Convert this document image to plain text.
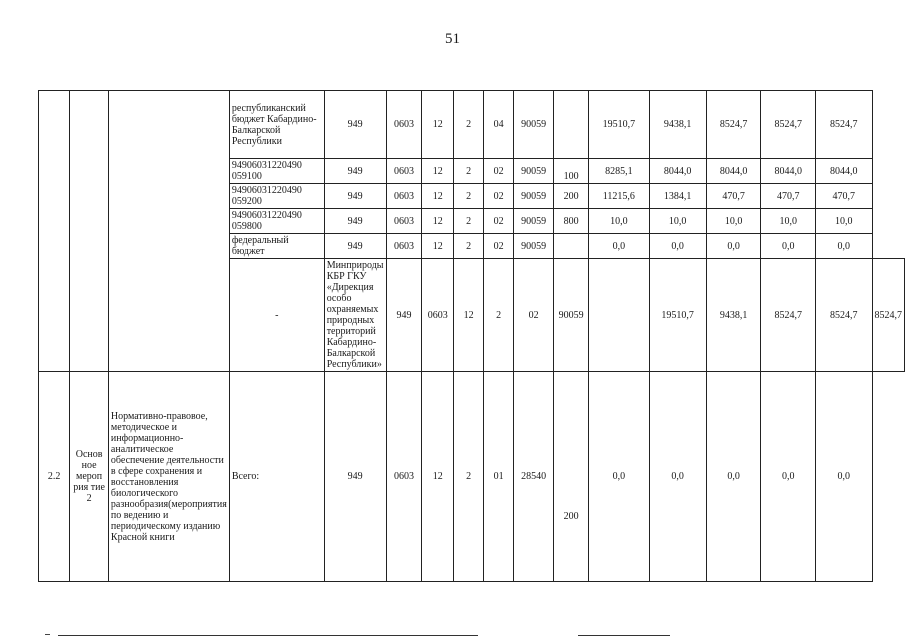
51
			республиканский бюджет Кабардино-Балкарской Республики	949	0603	12	2	04	90059		19510,7	9438,1	8524,7	8524,7	8524,7	
			94906031220490 059100	949	0603	12	2	02	90059	100	8285,1	8044,0	8044,0	8044,0	8044,0	
			94906031220490 059200	949	0603	12	2	02	90059	200	11215,6	1384,1	470,7	470,7	470,7	
			94906031220490 059800	949	0603	12	2	02	90059	800	10,0	10,0	10,0	10,0	10,0	
			федеральный бюджет	949	0603	12	2	02	90059		0,0	0,0	0,0	0,0	0,0	
			-	Минприроды КБР ГКУ «Дирекция особо охраняемых природных территорий Кабардино-Балкарской Республики»	949	0603	12	2	02	90059		19510,7	9438,1	8524,7	8524,7	8524,7
2.2	Основ ное мероп рия тие 2	Нормативно-правовое, методическое и информационно-аналитическое обеспечение деятельности в сфере сохранения и восстановления биологического разнообразия(мероприятия по ведению и периодическому изданию Красной книги	Всего:	949	0603	12	2	01	28540	200	0,0	0,0	0,0	0,0	0,0	
